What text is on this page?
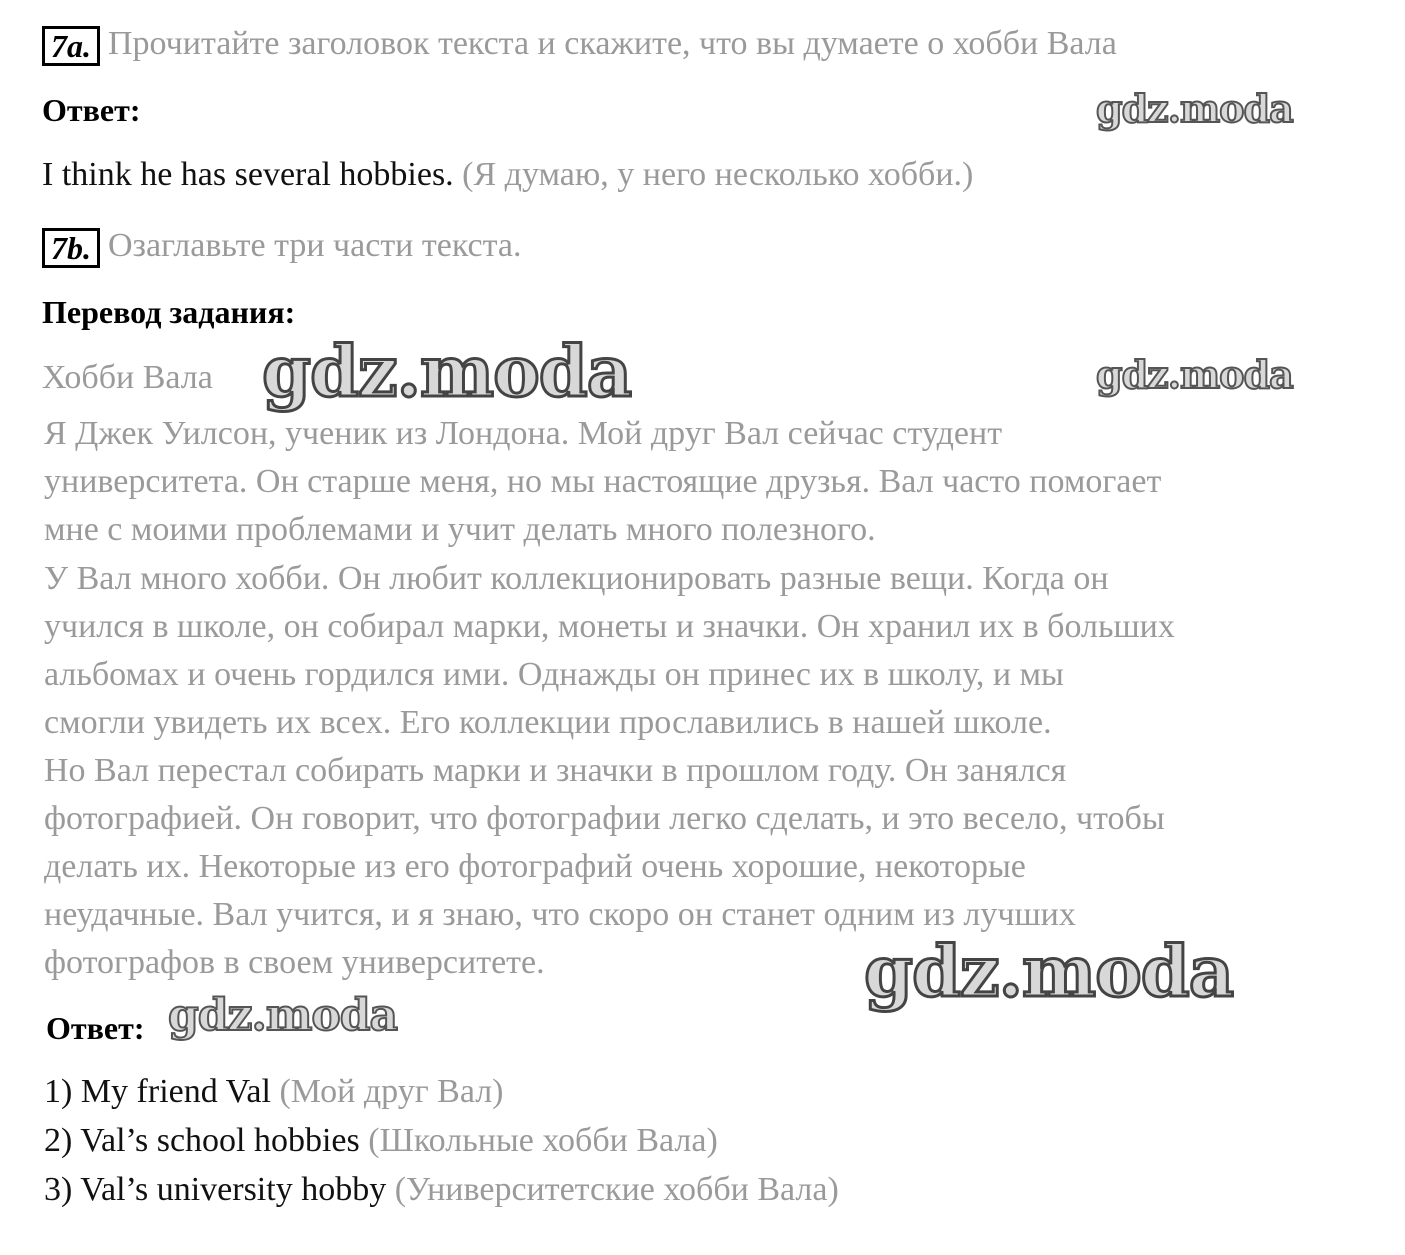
7a. Прочитайте заголовок текста и скажите, что вы думаете о хобби Вала
Ответ:
I think he has several hobbies. (Я думаю, у него несколько хобби.)
7b. Озаглавьте три части текста.
Перевод задания:
Хобби Вала
Я Джек Уилсон, ученик из Лондона. Мой друг Вал сейчас студент
университета. Он старше меня, но мы настоящие друзья. Вал часто помогает
мне с моими проблемами и учит делать много полезного.
У Вал много хобби. Он любит коллекционировать разные вещи. Когда он
учился в школе, он собирал марки, монеты и значки. Он хранил их в больших
альбомах и очень гордился ими. Однажды он принес их в школу, и мы
смогли увидеть их всех. Его коллекции прославились в нашей школе.
Но Вал перестал собирать марки и значки в прошлом году. Он занялся
фотографией. Он говорит, что фотографии легко сделать, и это весело, чтобы
делать их. Некоторые из его фотографий очень хорошие, некоторые
неудачные. Вал учится, и я знаю, что скоро он станет одним из лучших
фотографов в своем университете.
Ответ:
1) My friend Val (Мой друг Вал)
2) Val’s school hobbies (Школьные хобби Вала)
3) Val’s university hobby (Университетские хобби Вала)
gdz.moda
gdz.moda	gdz.moda
gdz.moda
gdz.moda
